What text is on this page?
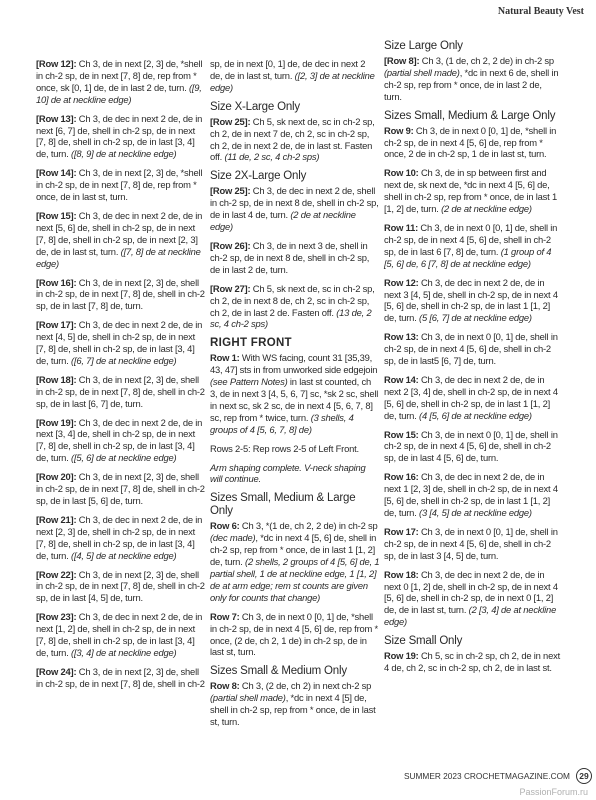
Natural Beauty Vest
[Row 12]: Ch 3, de in next [2, 3] de, *shell in ch-2 sp, de in next [7, 8] de, rep from * once, sk [0, 1] de, de in last 2 de, turn. ([9, 10] de at neckline edge)
[Row 13]: Ch 3, de dec in next 2 de, de in next [6, 7] de, shell in ch-2 sp, de in next [7, 8] de, shell in ch-2 sp, de in last [3, 4] de, turn. ([8, 9] de at neckline edge)
[Row 14]: Ch 3, de in next [2, 3] de, *shell in ch-2 sp, de in next [7, 8] de, rep from * once, de in last st, turn.
[Row 15]: Ch 3, de dec in next 2 de, de in next [5, 6] de, shell in ch-2 sp, de in next [7, 8] de, shell in ch-2 sp, de in next [2, 3] de, de in last st, turn. ([7, 8] de at neckline edge)
[Row 16]: Ch 3, de in next [2, 3] de, shell in ch-2 sp, de in next [7, 8] de, shell in ch-2 sp, de in last [7, 8] de, turn.
[Row 17]: Ch 3, de dec in next 2 de, de in next [4, 5] de, shell in ch-2 sp, de in next [7, 8] de, shell in ch-2 sp, de in last [3, 4] de, turn. ([6, 7] de at neckline edge)
[Row 18]: Ch 3, de in next [2, 3] de, shell in ch-2 sp, de in next [7, 8] de, shell in ch-2 sp, de in last [6, 7] de, turn.
[Row 19]: Ch 3, de dec in next 2 de, de in next [3, 4] de, shell in ch-2 sp, de in next [7, 8] de, shell in ch-2 sp, de in last [3, 4] de, turn. ([5, 6] de at neckline edge)
[Row 20]: Ch 3, de in next [2, 3] de, shell in ch-2 sp, de in next [7, 8] de, shell in ch-2 sp, de in last [5, 6] de, turn.
[Row 21]: Ch 3, de dec in next 2 de, de in next [2, 3] de, shell in ch-2 sp, de in next [7, 8] de, shell in ch-2 sp, de in last [3, 4] de, turn. ([4, 5] de at neckline edge)
[Row 22]: Ch 3, de in next [2, 3] de, shell in ch-2 sp, de in next [7, 8] de, shell in ch-2 sp, de in last [4, 5] de, turn.
[Row 23]: Ch 3, de dec in next 2 de, de in next [1, 2] de, shell in ch-2 sp, de in next [7, 8] de, shell in ch-2 sp, de in last [3, 4] de, turn. ([3, 4] de at neckline edge)
[Row 24]: Ch 3, de in next [2, 3] de, shell in ch-2 sp, de in next [7, 8] de, shell in ch-2
sp, de in next [0, 1] de, de dec in next 2 de, de in last st, turn. ([2, 3] de at neckline edge)
Size X-Large Only
[Row 25]: Ch 5, sk next de, sc in ch-2 sp, ch 2, de in next 7 de, ch 2, sc in ch-2 sp, ch 2, de in next 2 de, de in last st. Fasten off. (11 de, 2 sc, 4 ch-2 sps)
Size 2X-Large Only
[Row 25]: Ch 3, de dec in next 2 de, shell in ch-2 sp, de in next 8 de, shell in ch-2 sp, de in last 4 de, turn. (2 de at neckline edge)
[Row 26]: Ch 3, de in next 3 de, shell in ch-2 sp, de in next 8 de, shell in ch-2 sp, de in last 2 de, turn.
[Row 27]: Ch 5, sk next de, sc in ch-2 sp, ch 2, de in next 8 de, ch 2, sc in ch-2 sp, ch 2, de in last 2 de. Fasten off. (13 de, 2 sc, 4 ch-2 sps)
RIGHT FRONT
Row 1: With WS facing, count 31 [35,39, 43, 47] sts in from unworked side edgejoin (see Pattern Notes) in last st counted, ch 3, de in next 3 [4, 5, 6, 7] sc, *sk 2 sc, shell in next sc, sk 2 sc, de in next 4 [5, 6, 7, 8] sc, rep from * twice, turn. (3 shells, 4 groups of 4 [5, 6, 7, 8] de)
Rows 2-5: Rep rows 2-5 of Left Front.
Arm shaping complete. V-neck shaping will continue.
Sizes Small, Medium & Large Only
Row 6: Ch 3, *(1 de, ch 2, 2 de) in ch-2 sp (dec made), *dc in next 4 [5, 6] de, shell in ch-2 sp, rep from * once, de in last 1 [1, 2] de, turn. (2 shells, 2 groups of 4 [5, 6] de, 1 partial shell, 1 de at neckline edge, 1 [1, 2] de at arm edge; rem st counts are given only for counts that change)
Row 7: Ch 3, de in next 0 [0, 1] de, *shell in ch-2 sp, de in next 4 [5, 6] de, rep from * once, (2 de, ch 2, 1 de) in ch-2 sp, de in last st, turn.
Sizes Small & Medium Only
Row 8: Ch 3, (2 de, ch 2) in next ch-2 sp (partial shell made), *dc in next 4 [5] de, shell in ch-2 sp, rep from * once, de in last st, turn.
Size Large Only
[Row 8]: Ch 3, (1 de, ch 2, 2 de) in ch-2 sp (partial shell made), *dc in next 6 de, shell in ch-2 sp, rep from * once, de in last 2 de, turn.
Sizes Small, Medium & Large Only
Row 9: Ch 3, de in next 0 [0, 1] de, *shell in ch-2 sp, de in next 4 [5, 6] de, rep from * once, 2 de in ch-2 sp, 1 de in last st, turn.
Row 10: Ch 3, de in sp between first and next de, sk next de, *dc in next 4 [5, 6] de, shell in ch-2 sp, rep from * once, de in last 1 [1, 2] de, turn. (2 de at neckline edge)
Row 11: Ch 3, de in next 0 [0, 1] de, shell in ch-2 sp, de in next 4 [5, 6] de, shell in ch-2 sp, de in last 6 [7, 8] de, turn. (1 group of 4 [5, 6] de, 6 [7, 8] de at neckline edge)
Row 12: Ch 3, de dec in next 2 de, de in next 3 [4, 5] de, shell in ch-2 sp, de in next 4 [5, 6] de, shell in ch-2 sp, de in last 1 [1, 2] de, turn. (5 [6, 7] de at neckline edge)
Row 13: Ch 3, de in next 0 [0, 1] de, shell in ch-2 sp, de in next 4 [5, 6] de, shell in ch-2 sp, de in last5 [6, 7] de, turn.
Row 14: Ch 3, de dec in next 2 de, de in next 2 [3, 4] de, shell in ch-2 sp, de in next 4 [5, 6] de, shell in ch-2 sp, de in last 1 [1, 2] de, turn. (4 [5, 6] de at neckline edge)
Row 15: Ch 3, de in next 0 [0, 1] de, shell in ch-2 sp, de in next 4 [5, 6] de, shell in ch-2 sp, de in last 4 [5, 6] de, turn.
Row 16: Ch 3, de dec in next 2 de, de in next 1 [2, 3] de, shell in ch-2 sp, de in next 4 [5, 6] de, shell in ch-2 sp, de in last 1 [1, 2] de, turn. (3 [4, 5] de at neckline edge)
Row 17: Ch 3, de in next 0 [0, 1] de, shell in ch-2 sp, de in next 4 [5, 6] de, shell in ch-2 sp, de in last 3 [4, 5] de, turn.
Row 18: Ch 3, de dec in next 2 de, de in next 0 [1, 2] de, shell in ch-2 sp, de in next 4 [5, 6] de, shell in ch-2 sp, de in next 0 [1, 2] de, de in last st, turn. (2 [3, 4] de at neckline edge)
Size Small Only
Row 19: Ch 5, sc in ch-2 sp, ch 2, de in next 4 de, ch 2, sc in ch-2 sp, ch 2, de in last st.
SUMMER 2023 CROCHETMAGAZINE.COM	29
PassionForum.ru
